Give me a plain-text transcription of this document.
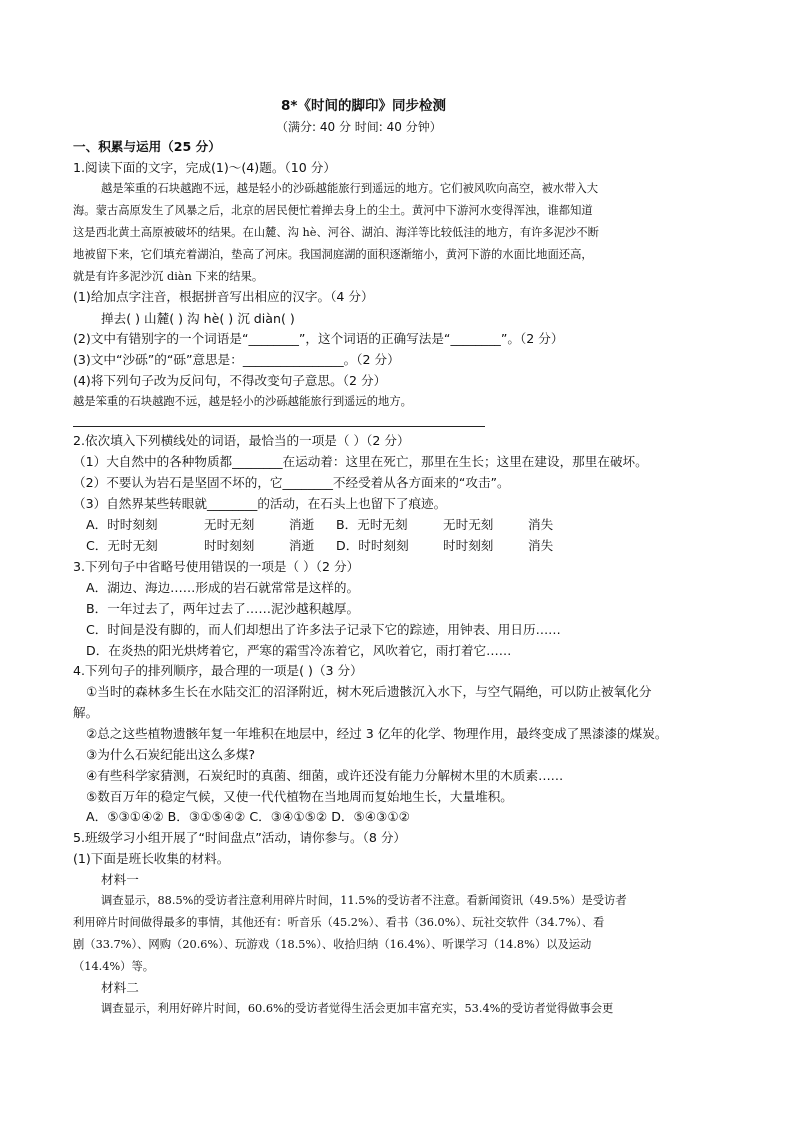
8*《时间的脚印》同步检测
（满分: 40 分 时间: 40 分钟）
一、积累与运用（25 分）
1.阅读下面的文字，完成(1)～(4)题。（10 分）
越是笨重的石块越跑不远，越是轻小的沙砾越能旅行到遥远的地方。它们被风吹向高空，被水带入大
海。蒙古高原发生了风暴之后，北京的居民便忙着掸去身上的尘土。黄河中下游河水变得浑浊，谁都知道
这是西北黄土高原被破坏的结果。在山麓、沟 hè、河谷、湖泊、海洋等比较低洼的地方，有许多泥沙不断
地被留下来，它们填充着湖泊，垫高了河床。我国洞庭湖的面积逐渐缩小，黄河下游的水面比地面还高，
就是有许多泥沙沉 diàn 下来的结果。
(1)给加点字注音，根据拼音写出相应的汉字。（4 分）
掸去( ) 山麓( ) 沟 hè( ) 沉 diàn( )
(2)文中有错别字的一个词语是“________”，这个词语的正确写法是“________”。（2 分）
(3)文中“沙砾”的“砾”意思是：________________。（2 分）
(4)将下列句子改为反问句，不得改变句子意思。（2 分）
越是笨重的石块越跑不远，越是轻小的沙砾越能旅行到遥远的地方。
2.依次填入下列横线处的词语，最恰当的一项是（ ）（2 分）
（1）大自然中的各种物质都________在运动着：这里在死亡，那里在生长；这里在建设，那里在破坏。
（2）不要认为岩石是坚固不坏的，它________不经受着从各方面来的“攻击”。
（3）自然界某些转眼就________的活动，在石头上也留下了痕迹。
A．时时刻刻	无时无刻	消逝 B．无时无刻	无时无刻	消失
C．无时无刻	时时刻刻	消逝 D．时时刻刻	时时刻刻	消失
3.下列句子中省略号使用错误的一项是（ ）（2 分）
A．湖边、海边……形成的岩石就常常是这样的。
B．一年过去了，两年过去了……泥沙越积越厚。
C．时间是没有脚的，而人们却想出了许多法子记录下它的踪迹，用钟表、用日历……
D．在炎热的阳光烘烤着它，严寒的霜雪冷冻着它，风吹着它，雨打着它……
4.下列句子的排列顺序，最合理的一项是( )（3 分）
①当时的森林多生长在水陆交汇的沼泽附近，树木死后遗骸沉入水下，与空气隔绝，可以防止被氧化分
解。
②总之这些植物遗骸年复一年堆积在地层中，经过 3 亿年的化学、物理作用，最终变成了黑漆漆的煤炭。
③为什么石炭纪能出这么多煤?
④有些科学家猜测，石炭纪时的真菌、细菌，或许还没有能力分解树木里的木质素……
⑤数百万年的稳定气候，又使一代代植物在当地周而复始地生长，大量堆积。
A．⑤③①④② B．③①⑤④② C．③④①⑤② D．⑤④③①②
5.班级学习小组开展了“时间盘点”活动，请你参与。（8 分）
(1)下面是班长收集的材料。
材料一
调查显示，88.5%的受访者注意利用碎片时间，11.5%的受访者不注意。看新闻资讯（49.5%）是受访者
利用碎片时间做得最多的事情，其他还有：听音乐（45.2%）、看书（36.0%）、玩社交软件（34.7%）、看
剧（33.7%）、网购（20.6%）、玩游戏（18.5%）、收拾归纳（16.4%）、听课学习（14.8%）以及运动
（14.4%）等。
材料二
调查显示，利用好碎片时间，60.6%的受访者觉得生活会更加丰富充实，53.4%的受访者觉得做事会更
